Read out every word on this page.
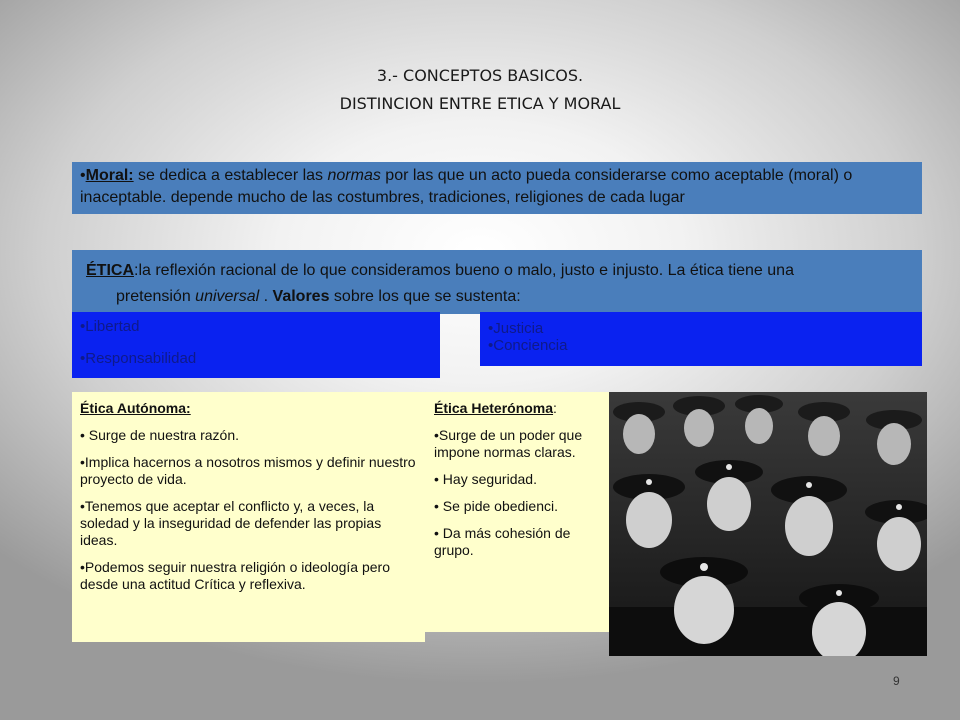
3.- CONCEPTOS BASICOS.
DISTINCION ENTRE ETICA Y MORAL
•Moral: se dedica a establecer las normas por las que un acto pueda considerarse como aceptable (moral) o inaceptable. depende mucho de las costumbres, tradiciones, religiones de cada lugar
ÉTICA:la reflexión racional de lo que consideramos bueno o malo, justo e injusto. La ética tiene una
pretensión universal . Valores sobre los que se sustenta:
•Libertad
•Responsabilidad
•Justicia
•Conciencia

Ética Autónoma:

• Surge de nuestra razón.

•Implica hacernos a nosotros mismos y definir nuestro proyecto de vida.

•Tenemos que aceptar el conflicto y, a veces, la soledad y la inseguridad de defender las propias ideas.

•Podemos seguir nuestra religión o ideología pero desde una actitud Crítica y reflexiva.

Ética Heterónoma:

•Surge de un poder que impone normas claras.

• Hay seguridad.

• Se pide obedienci.

• Da más cohesión de grupo.

9
